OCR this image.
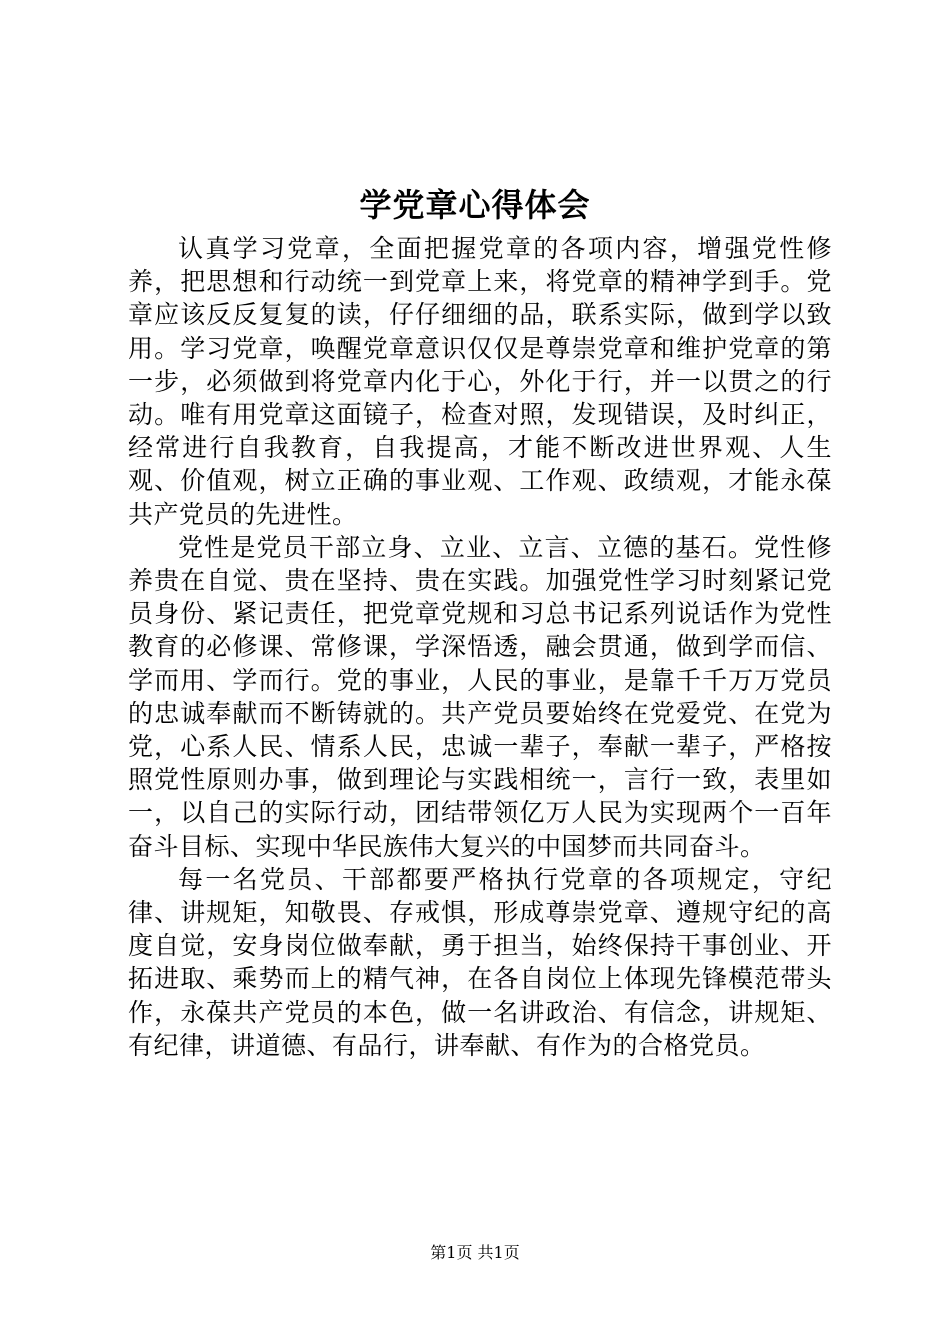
学党章心得体会

认真学习党章，全面把握党章的各项内容，增强党性修养，把思想和行动统一到党章上来，将党章的精神学到手。党章应该反反复复的读，仔仔细细的品，联系实际，做到学以致用。学习党章，唤醒党章意识仅仅是尊崇党章和维护党章的第一步，必须做到将党章内化于心，外化于行，并一以贯之的行动。唯有用党章这面镜子，检查对照，发现错误，及时纠正，经常进行自我教育，自我提高，才能不断改进世界观、人生观、价值观，树立正确的事业观、工作观、政绩观，才能永葆共产党员的先进性。

党性是党员干部立身、立业、立言、立德的基石。党性修养贵在自觉、贵在坚持、贵在实践。加强党性学习时刻紧记党员身份、紧记责任，把党章党规和习总书记系列说话作为党性教育的必修课、常修课，学深悟透，融会贯通，做到学而信、学而用、学而行。党的事业，人民的事业，是靠千千万万党员的忠诚奉献而不断铸就的。共产党员要始终在党爱党、在党为党，心系人民、情系人民，忠诚一辈子，奉献一辈子，严格按照党性原则办事，做到理论与实践相统一，言行一致，表里如一，以自己的实际行动，团结带领亿万人民为实现两个一百年奋斗目标、实现中华民族伟大复兴的中国梦而共同奋斗。

每一名党员、干部都要严格执行党章的各项规定，守纪律、讲规矩，知敬畏、存戒惧，形成尊崇党章、遵规守纪的高度自觉，安身岗位做奉献，勇于担当，始终保持干事创业、开拓进取、乘势而上的精气神，在各自岗位上体现先锋模范带头作，永葆共产党员的本色，做一名讲政治、有信念，讲规矩、有纪律，讲道德、有品行，讲奉献、有作为的合格党员。

第1页 共1页
